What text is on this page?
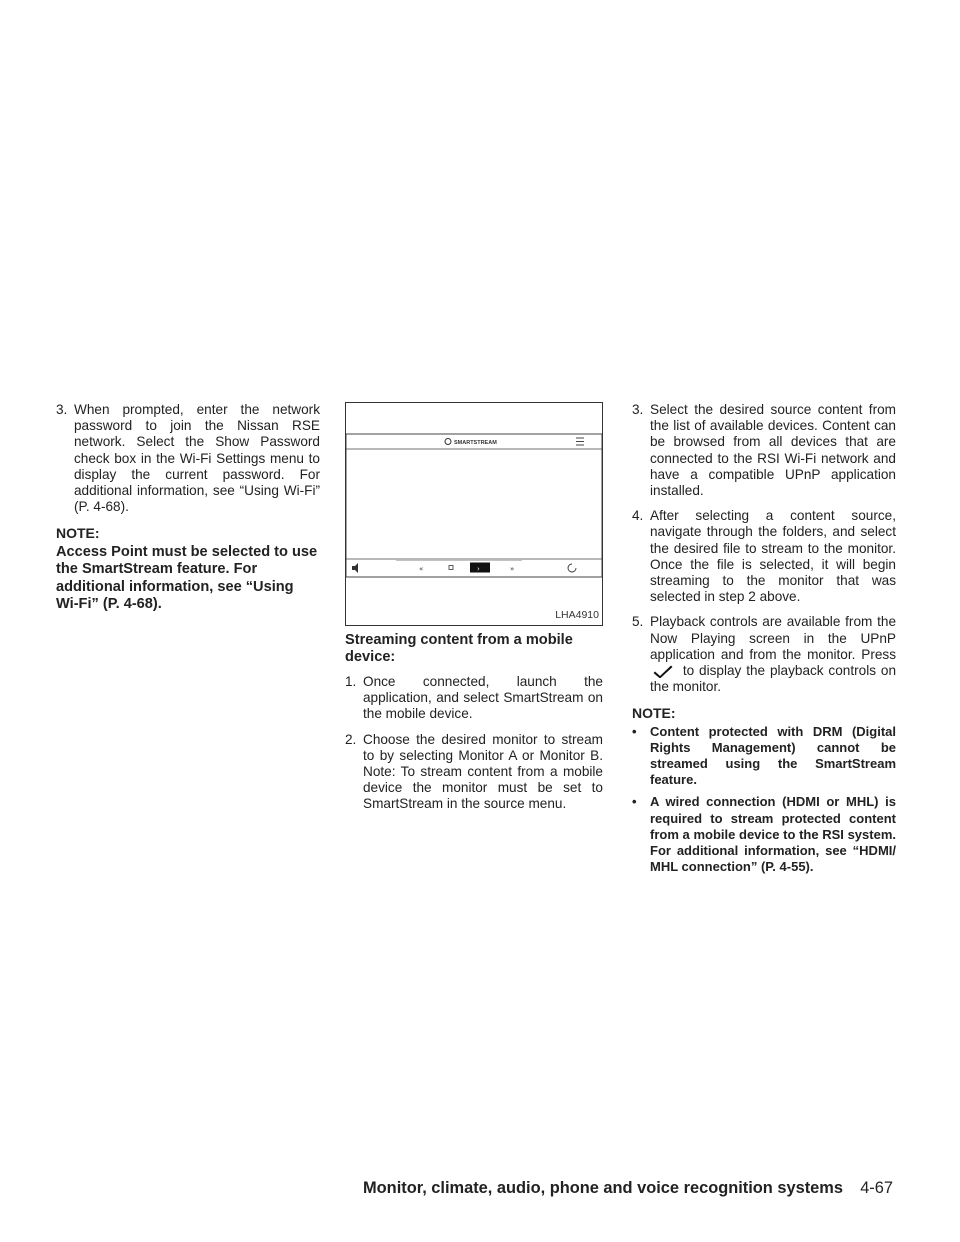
3. When prompted, enter the network password to join the Nissan RSE network. Select the Show Password check box in the Wi-Fi Settings menu to display the current password. For additional information, see “Using Wi-Fi” (P. 4-68).

NOTE:

Access Point must be selected to use the SmartStream feature. For additional information, see “Using Wi-Fi” (P. 4-68).

SMARTSTREAM
«	›	»
LHA4910
Streaming content from a mobile device:
1. Once connected, launch the application, and select SmartStream on the mobile device.

2. Choose the desired monitor to stream to by selecting Monitor A or Monitor B. Note: To stream content from a mobile device the monitor must be set to SmartStream in the source menu.

3. Select the desired source content from the list of available devices. Content can be browsed from all devices that are connected to the RSI Wi-Fi network and have a compatible UPnP application installed.

4. After selecting a content source, navigate through the folders, and select the desired file to stream to the monitor. Once the file is selected, it will begin streaming to the monitor that was selected in step 2 above.

5. Playback controls are available from the Now Playing screen in the UPnP application and from the monitor. Press  to display the playback controls on the monitor.

NOTE:
• Content protected with DRM (Digital Rights Management) cannot be streamed using the SmartStream feature.
• A wired connection (HDMI or MHL) is required to stream protected content from a mobile device to the RSI system. For additional information, see “HDMI/ MHL connection” (P. 4-55).
Monitor, climate, audio, phone and voice recognition systems 4-67
